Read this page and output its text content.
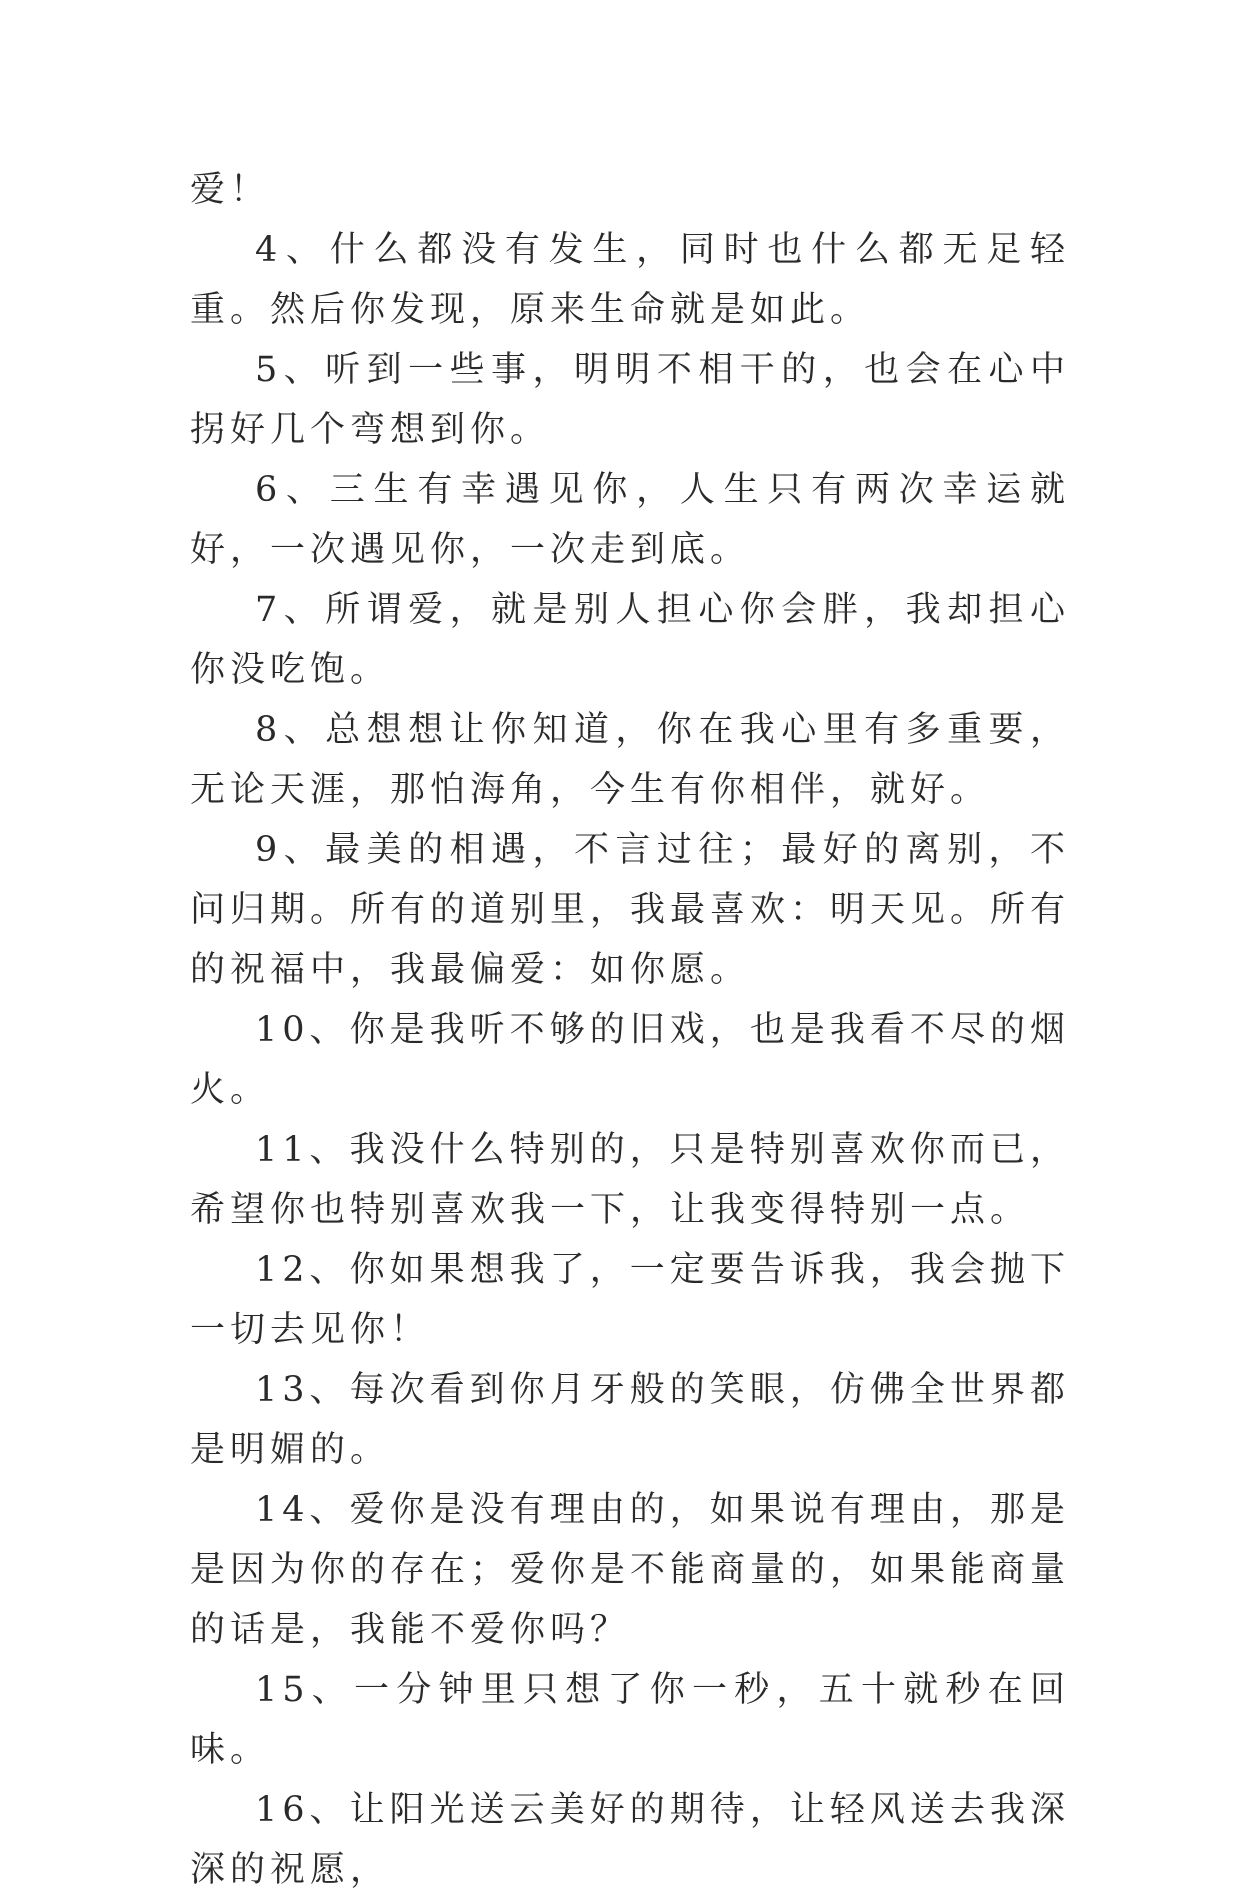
爱！

4、什么都没有发生，同时也什么都无足轻重。然后你发现，原来生命就是如此。

5、听到一些事，明明不相干的，也会在心中拐好几个弯想到你。

6、三生有幸遇见你，人生只有两次幸运就好，一次遇见你，一次走到底。

7、所谓爱，就是别人担心你会胖，我却担心你没吃饱。

8、总想想让你知道，你在我心里有多重要，无论天涯，那怕海角，今生有你相伴，就好。

9、最美的相遇，不言过往；最好的离别，不问归期。所有的道别里，我最喜欢：明天见。所有的祝福中，我最偏爱：如你愿。

10、你是我听不够的旧戏，也是我看不尽的烟火。

11、我没什么特别的，只是特别喜欢你而已，希望你也特别喜欢我一下，让我变得特别一点。

12、你如果想我了，一定要告诉我，我会抛下一切去见你！

13、每次看到你月牙般的笑眼，仿佛全世界都是明媚的。

14、爱你是没有理由的，如果说有理由，那是是因为你的存在；爱你是不能商量的，如果能商量的话是，我能不爱你吗？

15、一分钟里只想了你一秒，五十就秒在回味。

16、让阳光送云美好的期待，让轻风送去我深深的祝愿，
